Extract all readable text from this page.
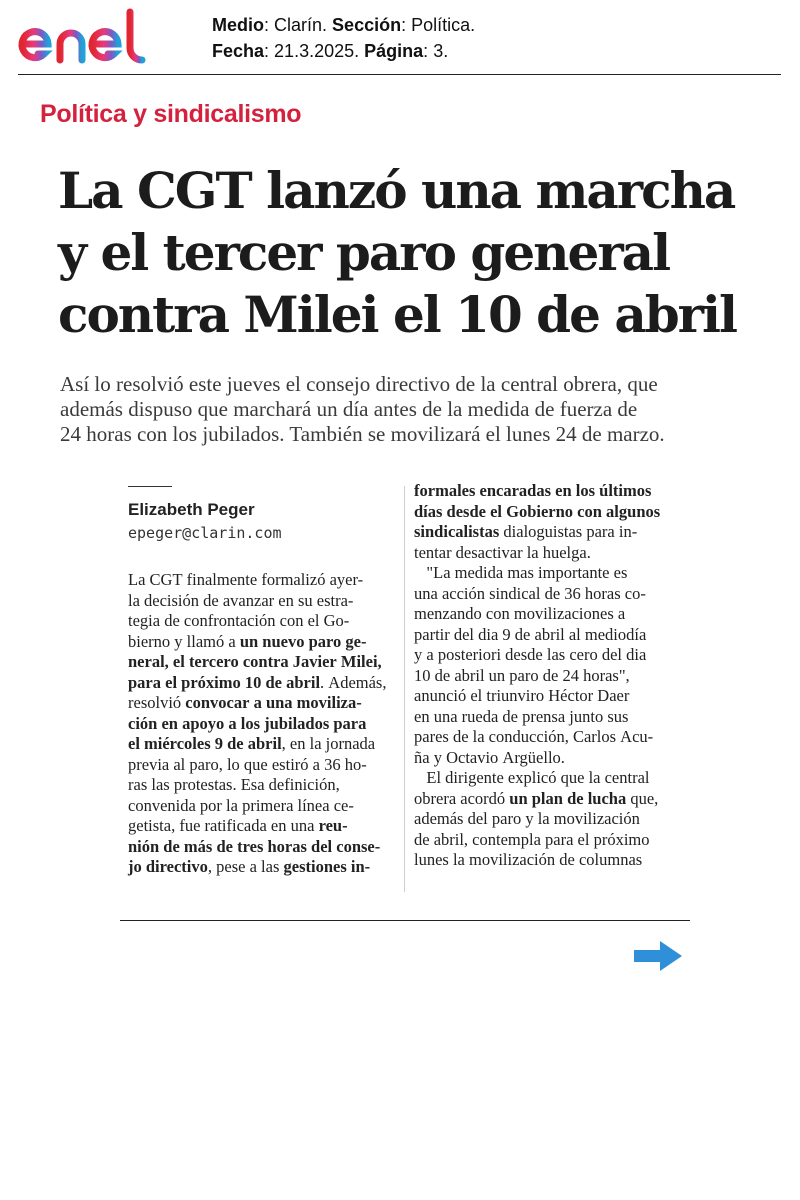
enel
Medio: Clarín. Sección: Política.
Fecha: 21.3.2025. Página: 3.
Política y sindicalismo
La CGT lanzó una marcha
y el tercer paro general
contra Milei el 10 de abril

Así lo resolvió este jueves el consejo directivo de la central obrera, que
además dispuso que marchará un día antes de la medida de fuerza de
24 horas con los jubilados. También se movilizará el lunes 24 de marzo.

Elizabeth Peger
epeger@clarin.com
La CGT finalmente formalizó ayer-
la decisión de avanzar en su estra-
tegia de confrontación con el Go-
bierno y llamó a un nuevo paro ge-
neral, el tercero contra Javier Milei,
para el próximo 10 de abril. Además,
resolvió convocar a una moviliza-
ción en apoyo a los jubilados para
el miércoles 9 de abril, en la jornada
previa al paro, lo que estiró a 36 ho-
ras las protestas. Esa definición,
convenida por la primera línea ce-
getista, fue ratificada en una reu-
nión de más de tres horas del conse-
jo directivo, pese a las gestiones in-
formales encaradas en los últimos
días desde el Gobierno con algunos
sindicalistas dialoguistas para in-
tentar desactivar la huelga.
"La medida mas importante es
una acción sindical de 36 horas co-
menzando con movilizaciones a
partir del dia 9 de abril al mediodía
y a posteriori desde las cero del dia
10 de abril un paro de 24 horas",
anunció el triunviro Héctor Daer
en una rueda de prensa junto sus
pares de la conducción, Carlos Acu-
ña y Octavio Argüello.
El dirigente explicó que la central
obrera acordó un plan de lucha que,
además del paro y la movilización
de abril, contempla para el próximo
lunes la movilización de columnas
